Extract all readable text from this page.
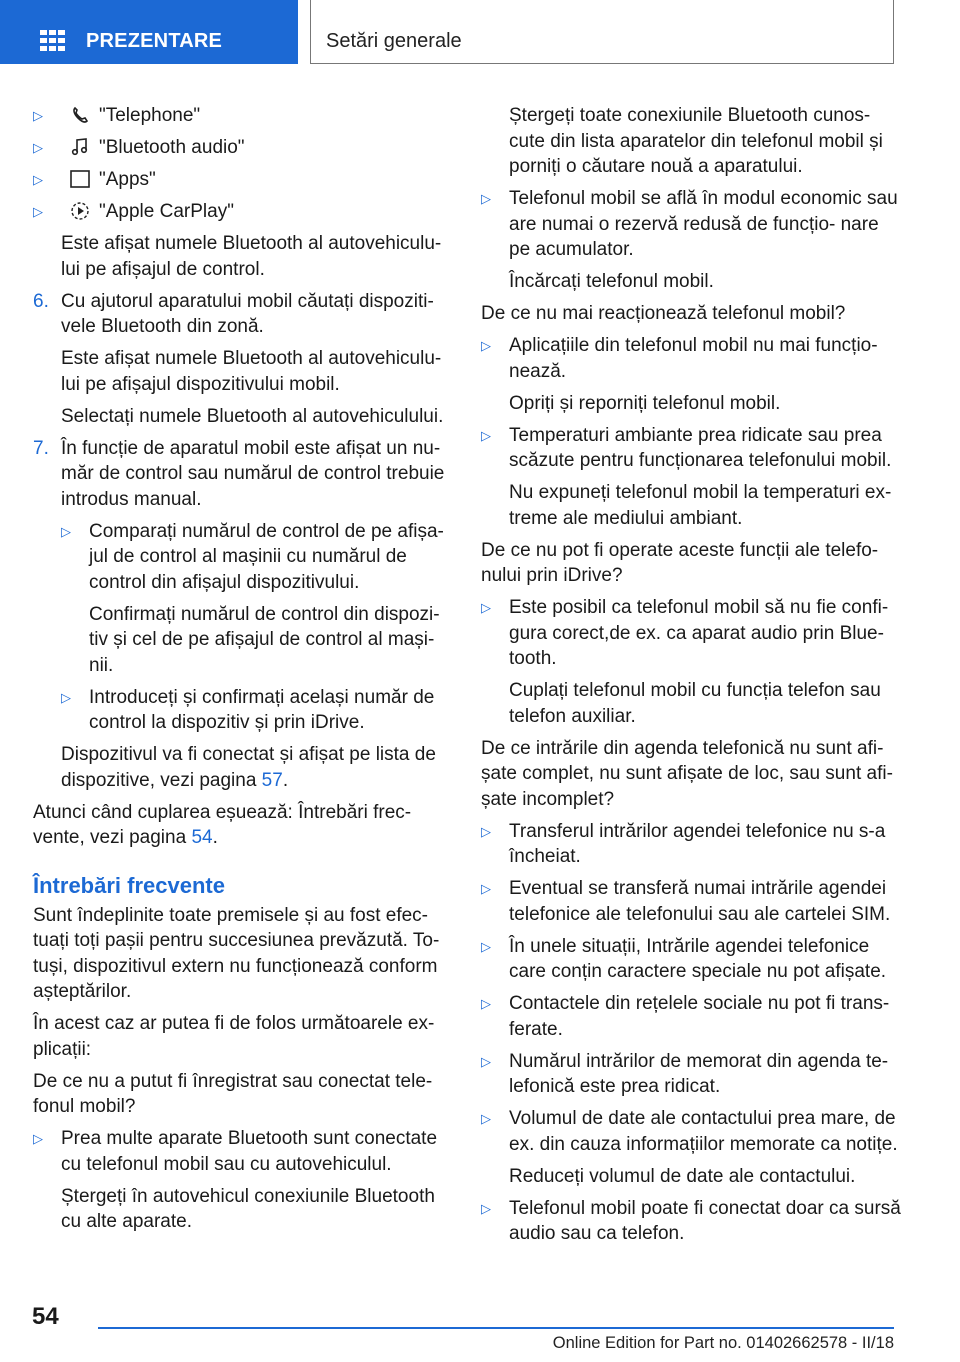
PREZENTARE	Setări generale
▷	"Telephone"
▷	"Bluetooth audio"
▷	"Apps"
▷	"Apple CarPlay"

Este afișat numele Bluetooth al autovehiculu- lui pe afișajul de control.

6. Cu ajutorul aparatului mobil căutați dispoziti- vele Bluetooth din zonă.

Este afișat numele Bluetooth al autovehiculu- lui pe afișajul dispozitivului mobil.

Selectați numele Bluetooth al autovehiculului.

7. În funcție de aparatul mobil este afișat un nu- măr de control sau numărul de control trebuie introdus manual.
▷ Comparați numărul de control de pe afișa- jul de control al mașinii cu numărul de control din afișajul dispozitivului.

Confirmați numărul de control din dispozi- tiv și cel de pe afișajul de control al mași- nii.

▷ Introduceți și confirmați același număr de control la dispozitiv și prin iDrive.

Dispozitivul va fi conectat și afișat pe lista de dispozitive, vezi pagina 57.

Atunci când cuplarea eșuează: Întrebări frec- vente, vezi pagina 54.

Întrebări frecvente

Sunt îndeplinite toate premisele și au fost efec- tuați toți pașii pentru succesiunea prevăzută. To- tuși, dispozitivul extern nu funcționează conform așteptărilor.

În acest caz ar putea fi de folos următoarele ex- plicații:

De ce nu a putut fi înregistrat sau conectat tele- fonul mobil?

▷ Prea multe aparate Bluetooth sunt conectate cu telefonul mobil sau cu autovehiculul.

Ștergeți în autovehicul conexiunile Bluetooth cu alte aparate.

Ștergeți toate conexiunile Bluetooth cunos- cute din lista aparatelor din telefonul mobil și porniți o căutare nouă a aparatului.

▷ Telefonul mobil se află în modul economic sau are numai o rezervă redusă de funcțio- nare pe acumulator.

Încărcați telefonul mobil.

De ce nu mai reacționează telefonul mobil?

▷ Aplicațiile din telefonul mobil nu mai funcțio- nează.

Opriți și reporniți telefonul mobil.

▷ Temperaturi ambiante prea ridicate sau prea scăzute pentru funcționarea telefonului mobil.

Nu expuneți telefonul mobil la temperaturi ex- treme ale mediului ambiant.

De ce nu pot fi operate aceste funcții ale telefo- nului prin iDrive?

▷ Este posibil ca telefonul mobil să nu fie confi- gura corect,de ex. ca aparat audio prin Blue- tooth.

Cuplați telefonul mobil cu funcția telefon sau telefon auxiliar.

De ce intrările din agenda telefonică nu sunt afi- șate complet, nu sunt afișate de loc, sau sunt afi- șate incomplet?

▷ Transferul intrărilor agendei telefonice nu s-a încheiat.
▷ Eventual se transferă numai intrările agendei telefonice ale telefonului sau ale cartelei SIM.
▷ În unele situații, Intrările agendei telefonice care conțin caractere speciale nu pot afișate.
▷ Contactele din rețelele sociale nu pot fi trans- ferate.
▷ Numărul intrărilor de memorat din agenda te- lefonică este prea ridicat.
▷ Volumul de date ale contactului prea mare, de ex. din cauza informațiilor memorate ca notițe.

Reduceți volumul de date ale contactului.

▷ Telefonul mobil poate fi conectat doar ca sursă audio sau ca telefon.
54
Online Edition for Part no. 01402662578 - II/18
